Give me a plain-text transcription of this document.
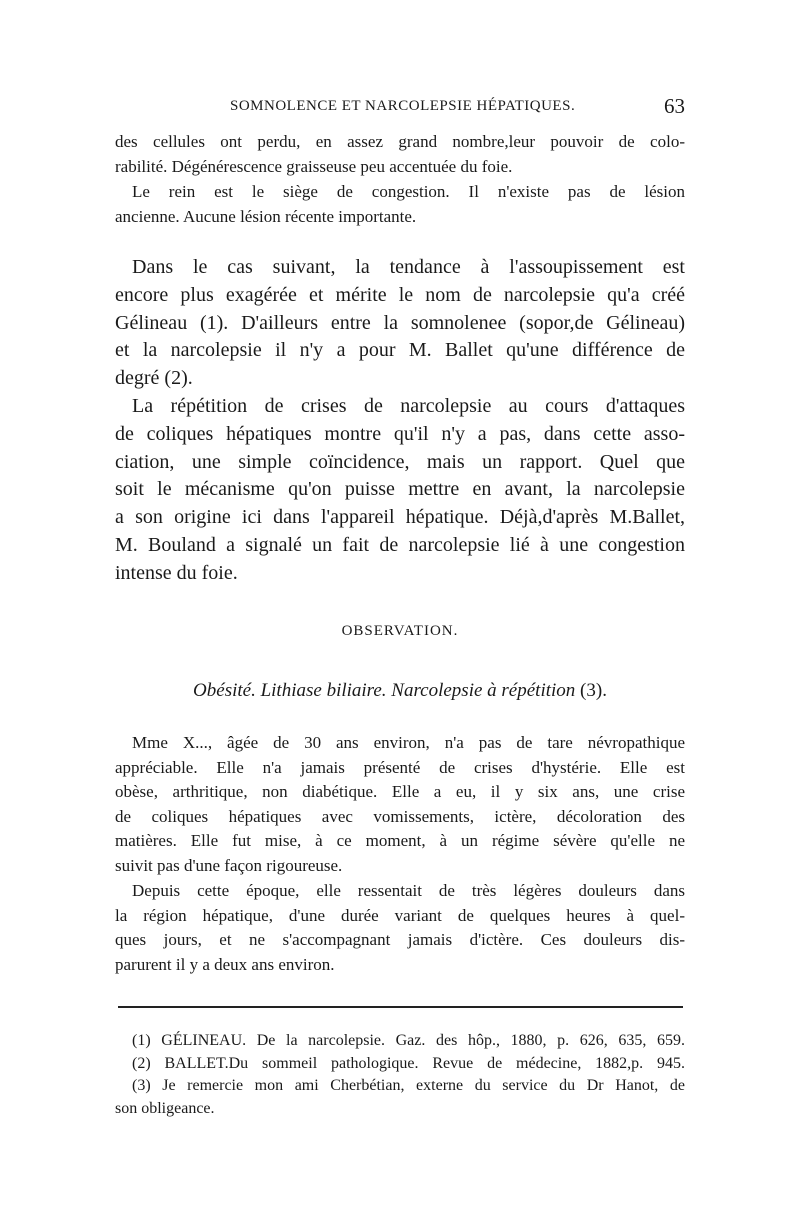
SOMNOLENCE ET NARCOLEPSIE HÉPATIQUES.	63
des cellules ont perdu, en assez grand nombre,leur pouvoir de colo-
rabilité. Dégénérescence graisseuse peu accentuée du foie.
Le rein est le siège de congestion. Il n'existe pas de lésion
ancienne. Aucune lésion récente importante.
Dans le cas suivant, la tendance à l'assoupissement est
encore plus exagérée et mérite le nom de narcolepsie qu'a créé
Gélineau (1). D'ailleurs entre la somnolenee (sopor,de Gélineau)
et la narcolepsie il n'y a pour M. Ballet qu'une différence de
degré (2).
La répétition de crises de narcolepsie au cours d'attaques
de coliques hépatiques montre qu'il n'y a pas, dans cette asso-
ciation, une simple coïncidence, mais un rapport. Quel que
soit le mécanisme qu'on puisse mettre en avant, la narcolepsie
a son origine ici dans l'appareil hépatique. Déjà,d'après M.Ballet,
M. Bouland a signalé un fait de narcolepsie lié à une congestion
intense du foie.
OBSERVATION.
Obésité. Lithiase biliaire. Narcolepsie à répétition (3).
Mme X..., âgée de 30 ans environ, n'a pas de tare névropathique
appréciable. Elle n'a jamais présenté de crises d'hystérie. Elle est
obèse, arthritique, non diabétique. Elle a eu, il y six ans, une crise
de coliques hépatiques avec vomissements, ictère, décoloration des
matières. Elle fut mise, à ce moment, à un régime sévère qu'elle ne
suivit pas d'une façon rigoureuse.
Depuis cette époque, elle ressentait de très légères douleurs dans
la région hépatique, d'une durée variant de quelques heures à quel-
ques jours, et ne s'accompagnant jamais d'ictère. Ces douleurs dis-
parurent il y a deux ans environ.
(1) GÉLINEAU. De la narcolepsie. Gaz. des hôp., 1880, p. 626, 635, 659.
(2) BALLET.Du sommeil pathologique. Revue de médecine, 1882,p. 945.
(3) Je remercie mon ami Cherbétian, externe du service du Dr Hanot, de
son obligeance.
